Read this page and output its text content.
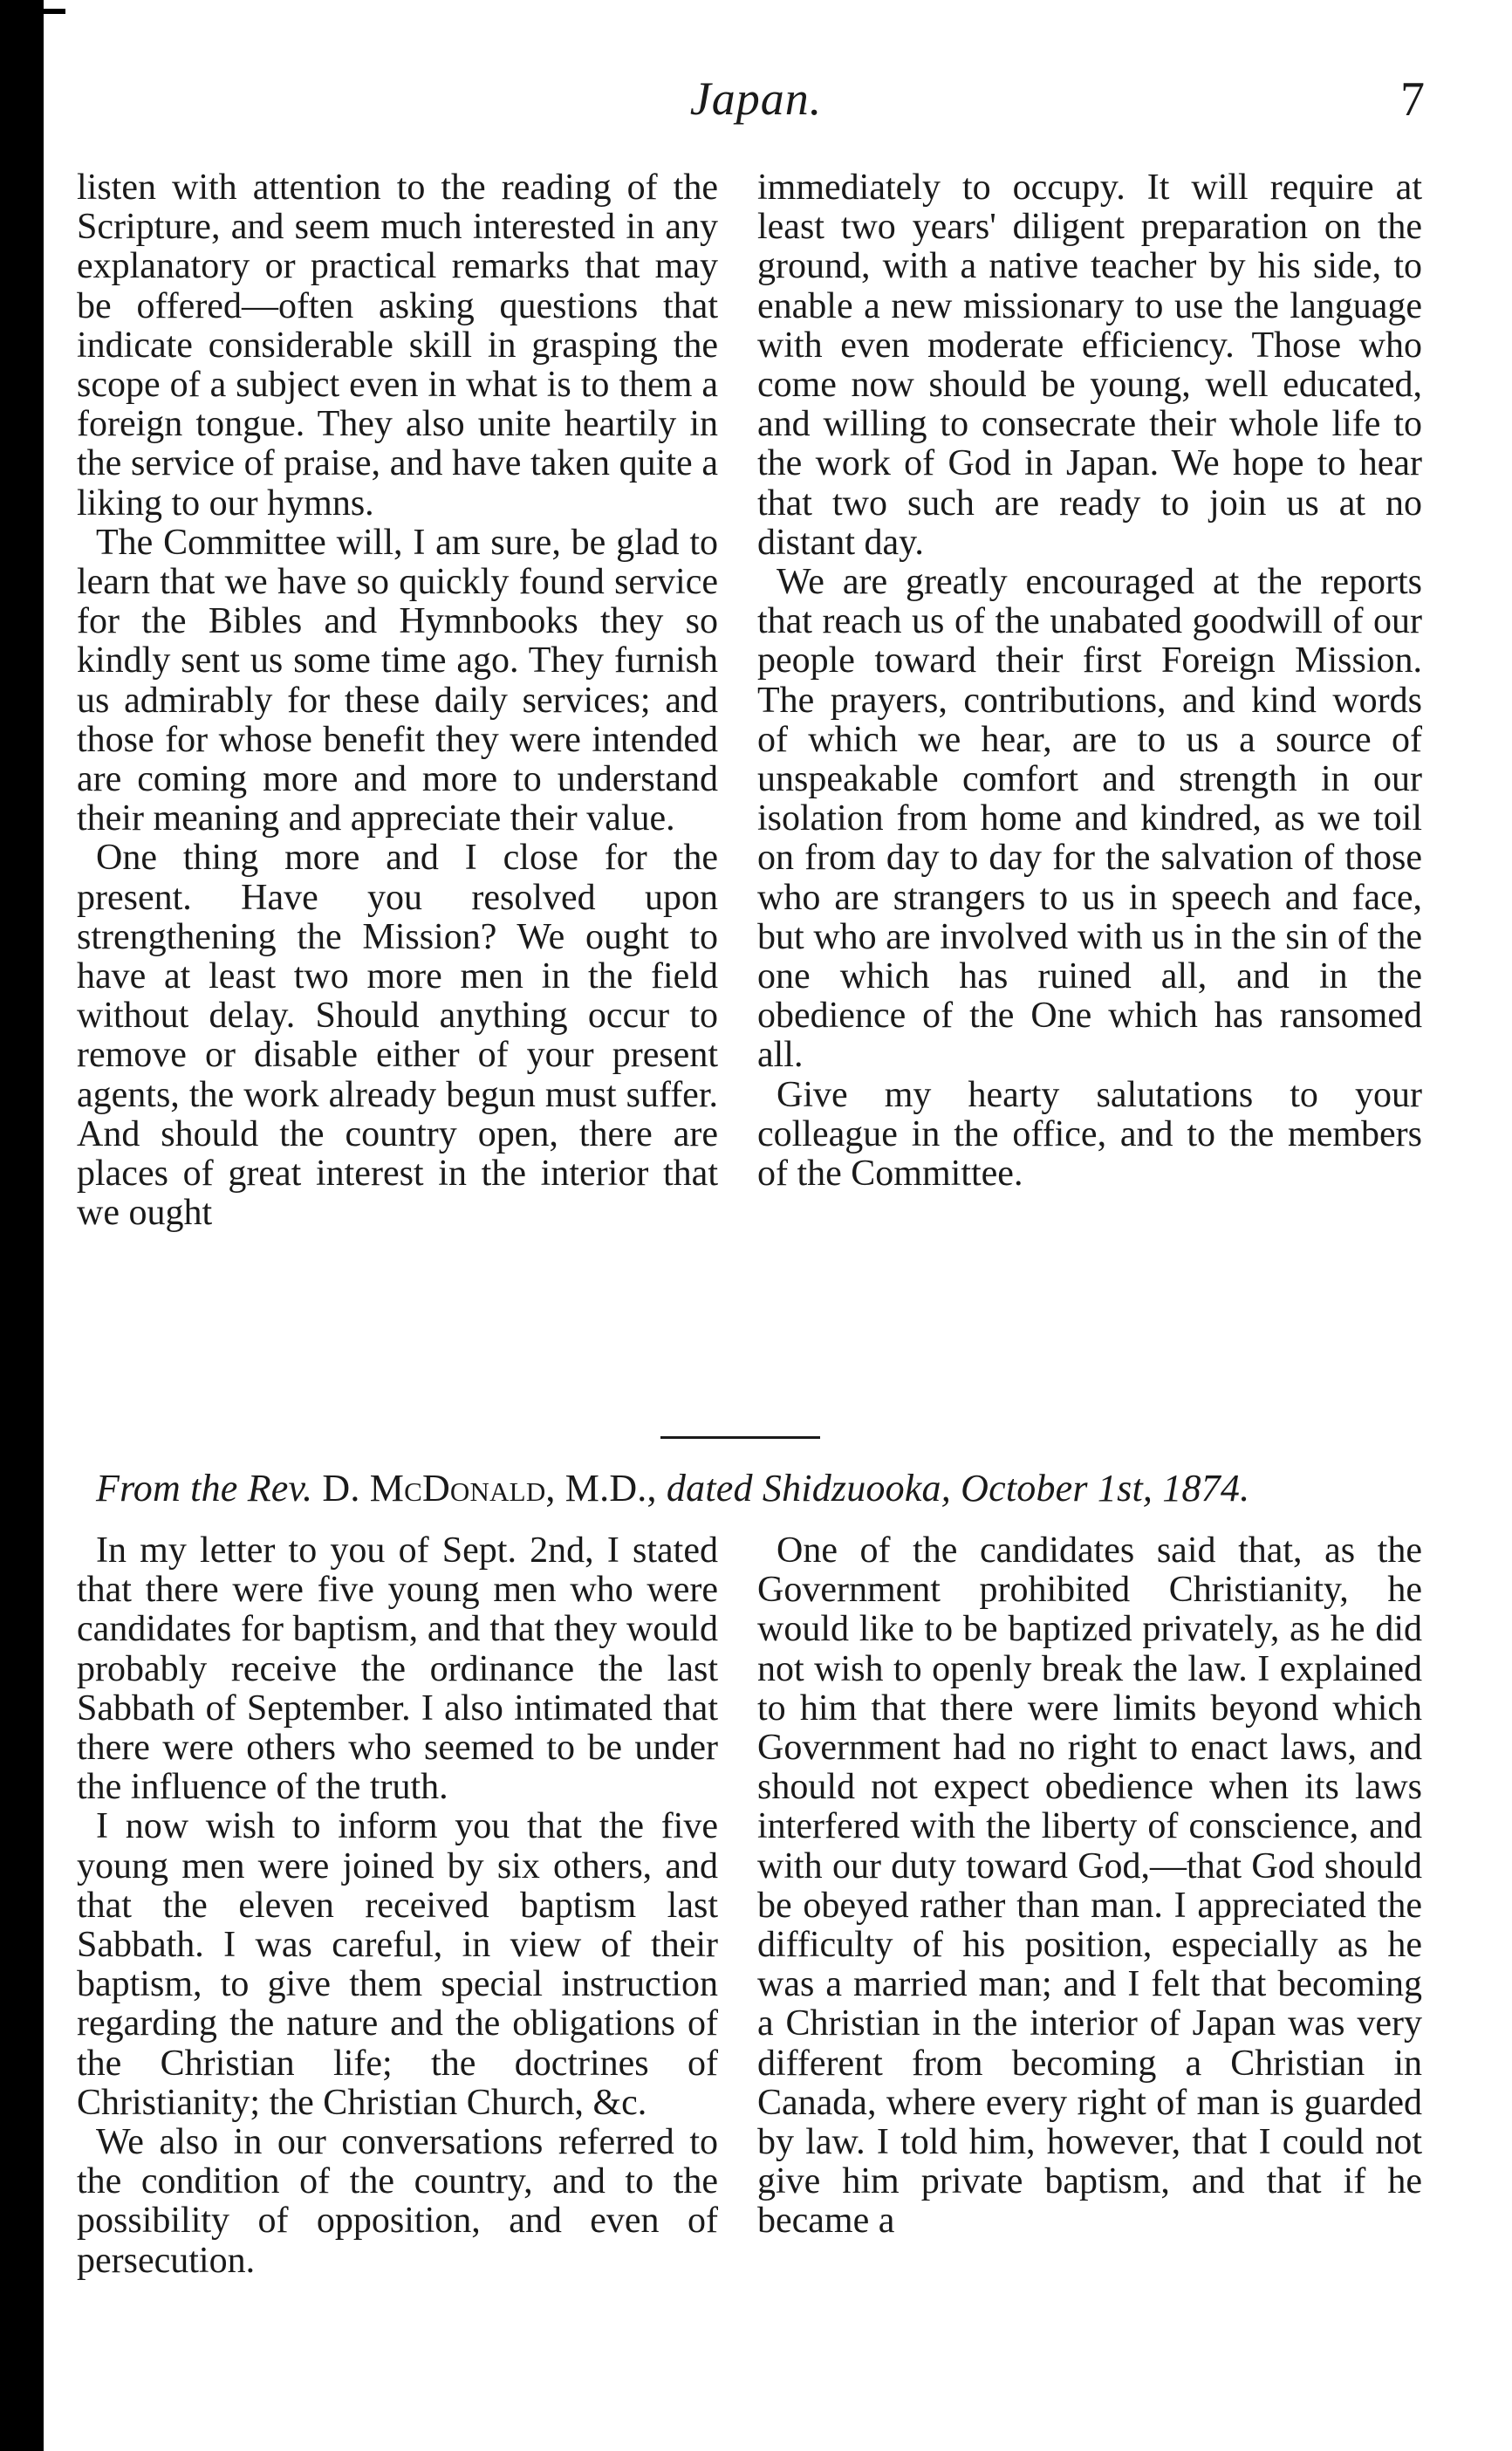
Japan.	7

listen with attention to the reading of the Scripture, and seem much interested in any explanatory or practical remarks that may be offered—often asking questions that indicate considerable skill in grasping the scope of a subject even in what is to them a foreign tongue. They also unite heartily in the service of praise, and have taken quite a liking to our hymns.

The Committee will, I am sure, be glad to learn that we have so quickly found service for the Bibles and Hymnbooks they so kindly sent us some time ago. They furnish us admirably for these daily services; and those for whose benefit they were intended are coming more and more to understand their meaning and appreciate their value.

One thing more and I close for the present. Have you resolved upon strengthening the Mission? We ought to have at least two more men in the field without delay. Should anything occur to remove or disable either of your present agents, the work already begun must suffer. And should the country open, there are places of great interest in the interior that we ought

immediately to occupy. It will require at least two years' diligent preparation on the ground, with a native teacher by his side, to enable a new missionary to use the language with even moderate efficiency. Those who come now should be young, well educated, and willing to consecrate their whole life to the work of God in Japan. We hope to hear that two such are ready to join us at no distant day.

We are greatly encouraged at the reports that reach us of the unabated goodwill of our people toward their first Foreign Mission. The prayers, contributions, and kind words of which we hear, are to us a source of unspeakable comfort and strength in our isolation from home and kindred, as we toil on from day to day for the salvation of those who are strangers to us in speech and face, but who are involved with us in the sin of the one which has ruined all, and in the obedience of the One which has ransomed all.

Give my hearty salutations to your colleague in the office, and to the members of the Committee.

From the Rev. D. McDonald, M.D., dated Shidzuooka, October 1st, 1874.

In my letter to you of Sept. 2nd, I stated that there were five young men who were candidates for baptism, and that they would probably receive the ordinance the last Sabbath of September. I also intimated that there were others who seemed to be under the influence of the truth.

I now wish to inform you that the five young men were joined by six others, and that the eleven received baptism last Sabbath. I was careful, in view of their baptism, to give them special instruction regarding the nature and the obligations of the Christian life; the doctrines of Christianity; the Christian Church, &c.

We also in our conversations referred to the condition of the country, and to the possibility of opposition, and even of persecution.

One of the candidates said that, as the Government prohibited Christianity, he would like to be baptized privately, as he did not wish to openly break the law. I explained to him that there were limits beyond which Government had no right to enact laws, and should not expect obedience when its laws interfered with the liberty of conscience, and with our duty toward God,—that God should be obeyed rather than man. I appreciated the difficulty of his position, especially as he was a married man; and I felt that becoming a Christian in the interior of Japan was very different from becoming a Christian in Canada, where every right of man is guarded by law. I told him, however, that I could not give him private baptism, and that if he became a
